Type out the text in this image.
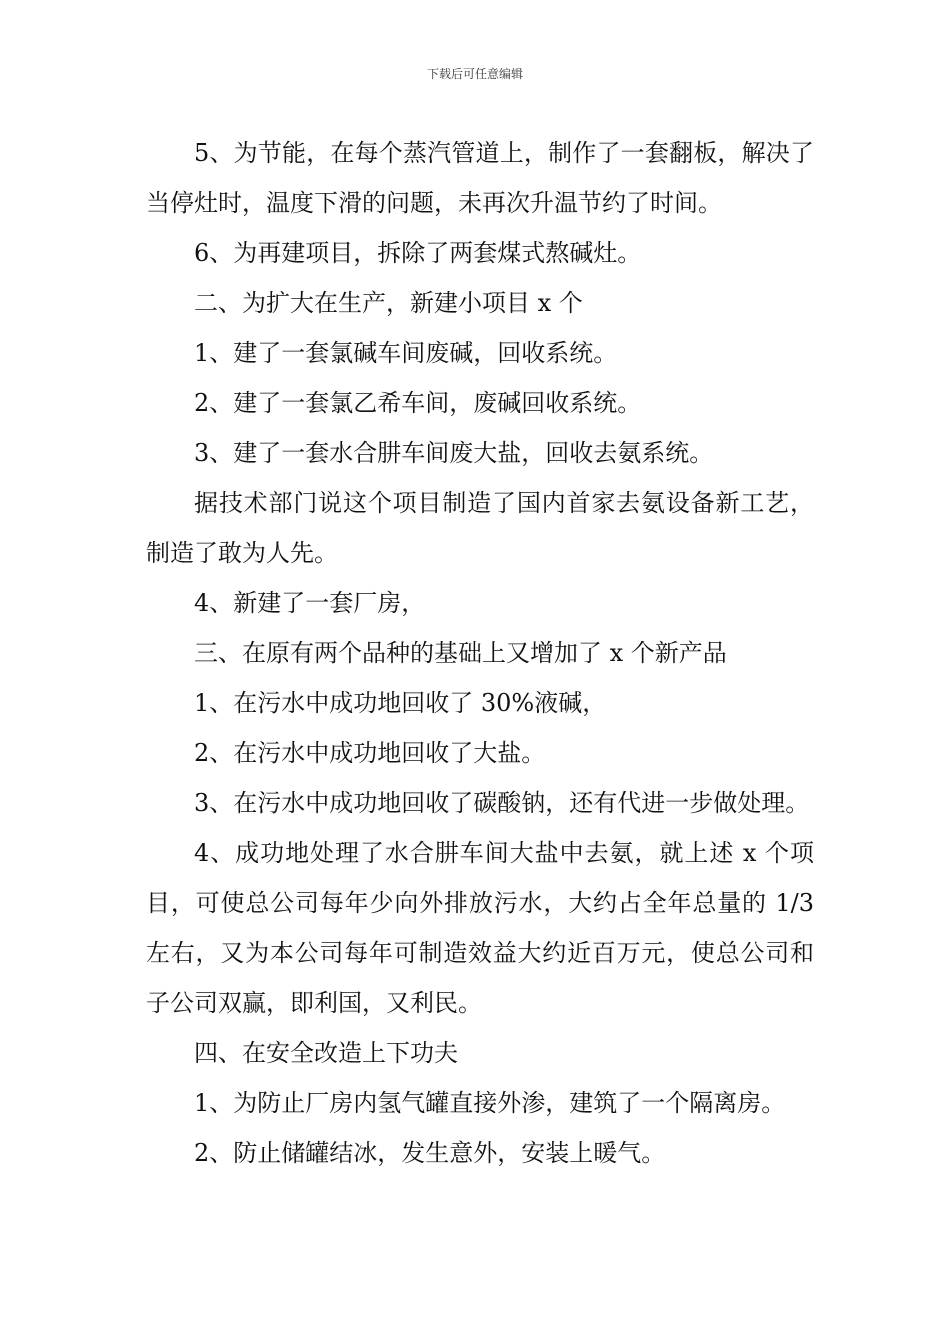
下载后可任意编辑

5、为节能，在每个蒸汽管道上，制作了一套翻板，解决了当停灶时，温度下滑的问题，未再次升温节约了时间。

6、为再建项目，拆除了两套煤式熬碱灶。

二、为扩大在生产，新建小项目 x 个

1、建了一套氯碱车间废碱，回收系统。

2、建了一套氯乙希车间，废碱回收系统。

3、建了一套水合肼车间废大盐，回收去氨系统。

据技术部门说这个项目制造了国内首家去氨设备新工艺，制造了敢为人先。

4、新建了一套厂房，

三、在原有两个品种的基础上又增加了 x 个新产品

1、在污水中成功地回收了 30%液碱，

2、在污水中成功地回收了大盐。

3、在污水中成功地回收了碳酸钠，还有代进一步做处理。

4、成功地处理了水合肼车间大盐中去氨，就上述 x 个项目，可使总公司每年少向外排放污水，大约占全年总量的 1/3 左右，又为本公司每年可制造效益大约近百万元，使总公司和子公司双赢，即利国，又利民。

四、在安全改造上下功夫

1、为防止厂房内氢气罐直接外渗，建筑了一个隔离房。

2、防止储罐结冰，发生意外，安装上暖气。
